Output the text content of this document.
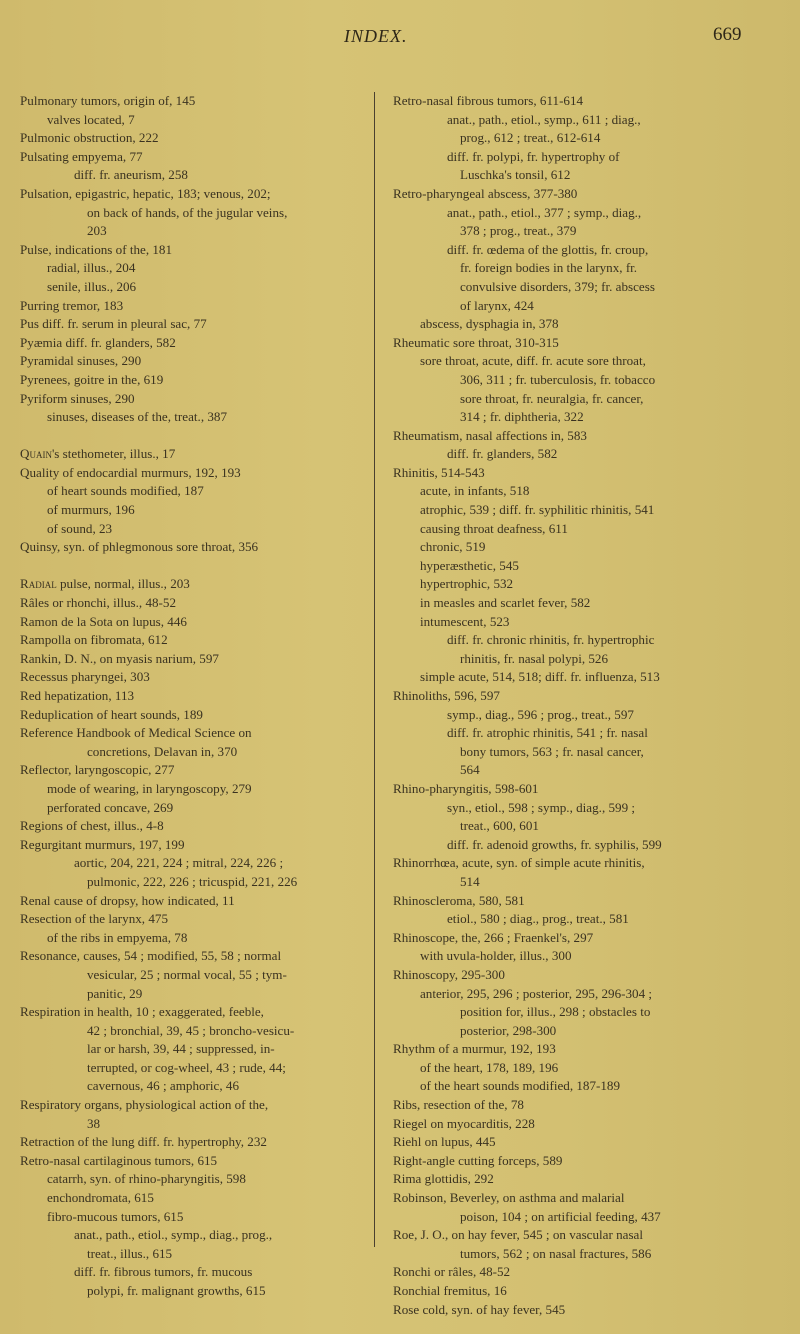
INDEX.	669
Pulmonary tumors, origin of, 145
valves located, 7
Pulmonic obstruction, 222
Pulsating empyema, 77
diff. fr. aneurism, 258
Pulsation, epigastric, hepatic, 183; venous, 202;
on back of hands, of the jugular veins,
203
Pulse, indications of the, 181
radial, illus., 204
senile, illus., 206
Purring tremor, 183
Pus diff. fr. serum in pleural sac, 77
Pyæmia diff. fr. glanders, 582
Pyramidal sinuses, 290
Pyrenees, goitre in the, 619
Pyriform sinuses, 290
sinuses, diseases of the, treat., 387
Quain's stethometer, illus., 17
Quality of endocardial murmurs, 192, 193
of heart sounds modified, 187
of murmurs, 196
of sound, 23
Quinsy, syn. of phlegmonous sore throat, 356
Radial pulse, normal, illus., 203
Râles or rhonchi, illus., 48-52
Ramon de la Sota on lupus, 446
Rampolla on fibromata, 612
Rankin, D. N., on myasis narium, 597
Recessus pharyngei, 303
Red hepatization, 113
Reduplication of heart sounds, 189
Reference Handbook of Medical Science on
concretions, Delavan in, 370
Reflector, laryngoscopic, 277
mode of wearing, in laryngoscopy, 279
perforated concave, 269
Regions of chest, illus., 4-8
Regurgitant murmurs, 197, 199
aortic, 204, 221, 224 ; mitral, 224, 226 ;
pulmonic, 222, 226 ; tricuspid, 221, 226
Renal cause of dropsy, how indicated, 11
Resection of the larynx, 475
of the ribs in empyema, 78
Resonance, causes, 54 ; modified, 55, 58 ; normal
vesicular, 25 ; normal vocal, 55 ; tym-
panitic, 29
Respiration in health, 10 ; exaggerated, feeble,
42 ; bronchial, 39, 45 ; broncho-vesicu-
lar or harsh, 39, 44 ; suppressed, in-
terrupted, or cog-wheel, 43 ; rude, 44;
cavernous, 46 ; amphoric, 46
Respiratory organs, physiological action of the,
38
Retraction of the lung diff. fr. hypertrophy, 232
Retro-nasal cartilaginous tumors, 615
catarrh, syn. of rhino-pharyngitis, 598
enchondromata, 615
fibro-mucous tumors, 615
anat., path., etiol., symp., diag., prog.,
treat., illus., 615
diff. fr. fibrous tumors, fr. mucous
polypi, fr. malignant growths, 615
Retro-nasal fibrous tumors, 611-614
anat., path., etiol., symp., 611 ; diag.,
prog., 612 ; treat., 612-614
diff. fr. polypi, fr. hypertrophy of
Luschka's tonsil, 612
Retro-pharyngeal abscess, 377-380
anat., path., etiol., 377 ; symp., diag.,
378 ; prog., treat., 379
diff. fr. œdema of the glottis, fr. croup,
fr. foreign bodies in the larynx, fr.
convulsive disorders, 379; fr. abscess
of larynx, 424
abscess, dysphagia in, 378
Rheumatic sore throat, 310-315
sore throat, acute, diff. fr. acute sore throat,
306, 311 ; fr. tuberculosis, fr. tobacco
sore throat, fr. neuralgia, fr. cancer,
314 ; fr. diphtheria, 322
Rheumatism, nasal affections in, 583
diff. fr. glanders, 582
Rhinitis, 514-543
acute, in infants, 518
atrophic, 539 ; diff. fr. syphilitic rhinitis, 541
causing throat deafness, 611
chronic, 519
hyperæsthetic, 545
hypertrophic, 532
in measles and scarlet fever, 582
intumescent, 523
diff. fr. chronic rhinitis, fr. hypertrophic
rhinitis, fr. nasal polypi, 526
simple acute, 514, 518; diff. fr. influenza, 513
Rhinoliths, 596, 597
symp., diag., 596 ; prog., treat., 597
diff. fr. atrophic rhinitis, 541 ; fr. nasal
bony tumors, 563 ; fr. nasal cancer,
564
Rhino-pharyngitis, 598-601
syn., etiol., 598 ; symp., diag., 599 ;
treat., 600, 601
diff. fr. adenoid growths, fr. syphilis, 599
Rhinorrhœa, acute, syn. of simple acute rhinitis,
514
Rhinoscleroma, 580, 581
etiol., 580 ; diag., prog., treat., 581
Rhinoscope, the, 266 ; Fraenkel's, 297
with uvula-holder, illus., 300
Rhinoscopy, 295-300
anterior, 295, 296 ; posterior, 295, 296-304 ;
position for, illus., 298 ; obstacles to
posterior, 298-300
Rhythm of a murmur, 192, 193
of the heart, 178, 189, 196
of the heart sounds modified, 187-189
Ribs, resection of the, 78
Riegel on myocarditis, 228
Riehl on lupus, 445
Right-angle cutting forceps, 589
Rima glottidis, 292
Robinson, Beverley, on asthma and malarial
poison, 104 ; on artificial feeding, 437
Roe, J. O., on hay fever, 545 ; on vascular nasal
tumors, 562 ; on nasal fractures, 586
Ronchi or râles, 48-52
Ronchial fremitus, 16
Rose cold, syn. of hay fever, 545
